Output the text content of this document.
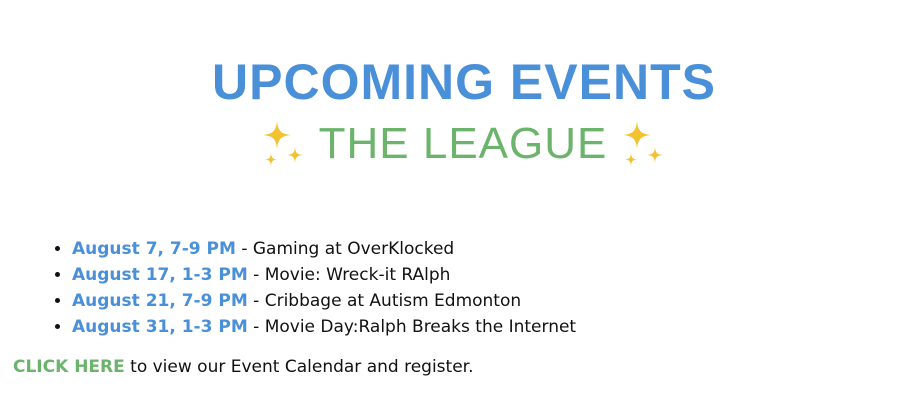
UPCOMING EVENTS
THE LEAGUE
• August 7, 7-9 PM - Gaming at OverKlocked
• August 17, 1-3 PM - Movie: Wreck-it RAlph
• August 21, 7-9 PM - Cribbage at Autism Edmonton
• August 31, 1-3 PM - Movie Day:Ralph Breaks the Internet

CLICK HERE to view our Event Calendar and register.
